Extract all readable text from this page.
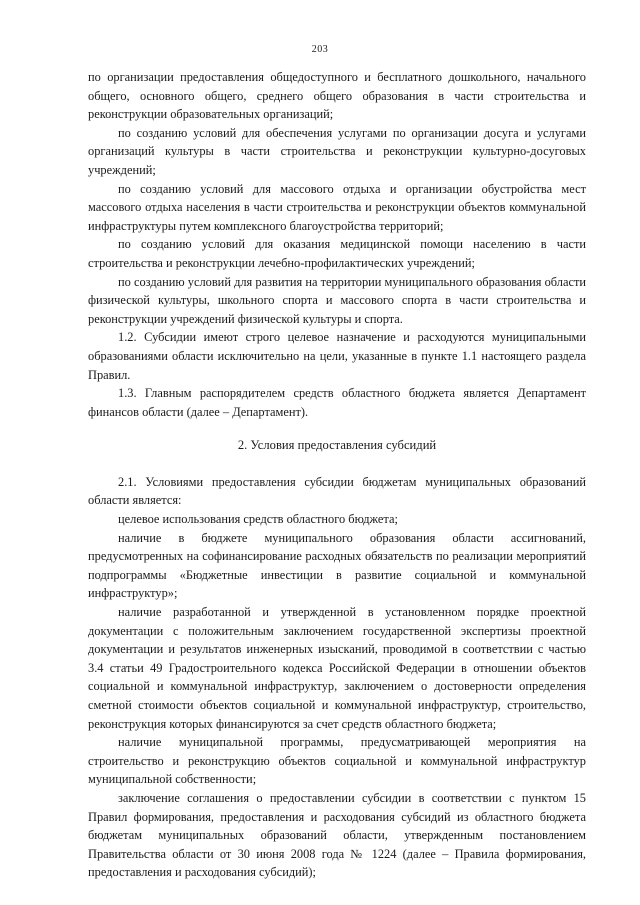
203

по организации предоставления общедоступного и бесплатного дошкольного, начального общего, основного общего, среднего общего образования в части строительства и реконструкции образовательных организаций;

по созданию условий для обеспечения услугами по организации досуга и услугами организаций культуры в части строительства и реконструкции культурно-досуговых учреждений;

по созданию условий для массового отдыха и организации обустройства мест массового отдыха населения в части строительства и реконструкции объектов коммунальной инфраструктуры путем комплексного благоустройства территорий;

по созданию условий для оказания медицинской помощи населению в части строительства и реконструкции лечебно-профилактических учреждений;

по созданию условий для развития на территории муниципального образования области физической культуры, школьного спорта и массового спорта в части строительства и реконструкции учреждений физической культуры и спорта.

1.2. Субсидии имеют строго целевое назначение и расходуются муниципальными образованиями области исключительно на цели, указанные в пункте 1.1 настоящего раздела Правил.

1.3. Главным распорядителем средств областного бюджета является Департамент финансов области (далее – Департамент).

2. Условия предоставления субсидий

2.1. Условиями предоставления субсидии бюджетам муниципальных образований области является:

целевое использования средств областного бюджета;

наличие в бюджете муниципального образования области ассигнований, предусмотренных на софинансирование расходных обязательств по реализации мероприятий подпрограммы «Бюджетные инвестиции в развитие социальной и коммунальной инфраструктур»;

наличие разработанной и утвержденной в установленном порядке проектной документации с положительным заключением государственной экспертизы проектной документации и результатов инженерных изысканий, проводимой в соответствии с частью 3.4 статьи 49 Градостроительного кодекса Российской Федерации в отношении объектов социальной и коммунальной инфраструктур, заключением о достоверности определения сметной стоимости объектов социальной и коммунальной инфраструктур, строительство, реконструкция которых финансируются за счет средств областного бюджета;

наличие муниципальной программы, предусматривающей мероприятия на строительство и реконструкцию объектов социальной и коммунальной инфраструктур муниципальной собственности;

заключение соглашения о предоставлении субсидии в соответствии с пунктом 15 Правил формирования, предоставления и расходования субсидий из областного бюджета бюджетам муниципальных образований области, утвержденным постановлением Правительства области от 30 июня 2008 года № 1224 (далее – Правила формирования, предоставления и расходования субсидий);
